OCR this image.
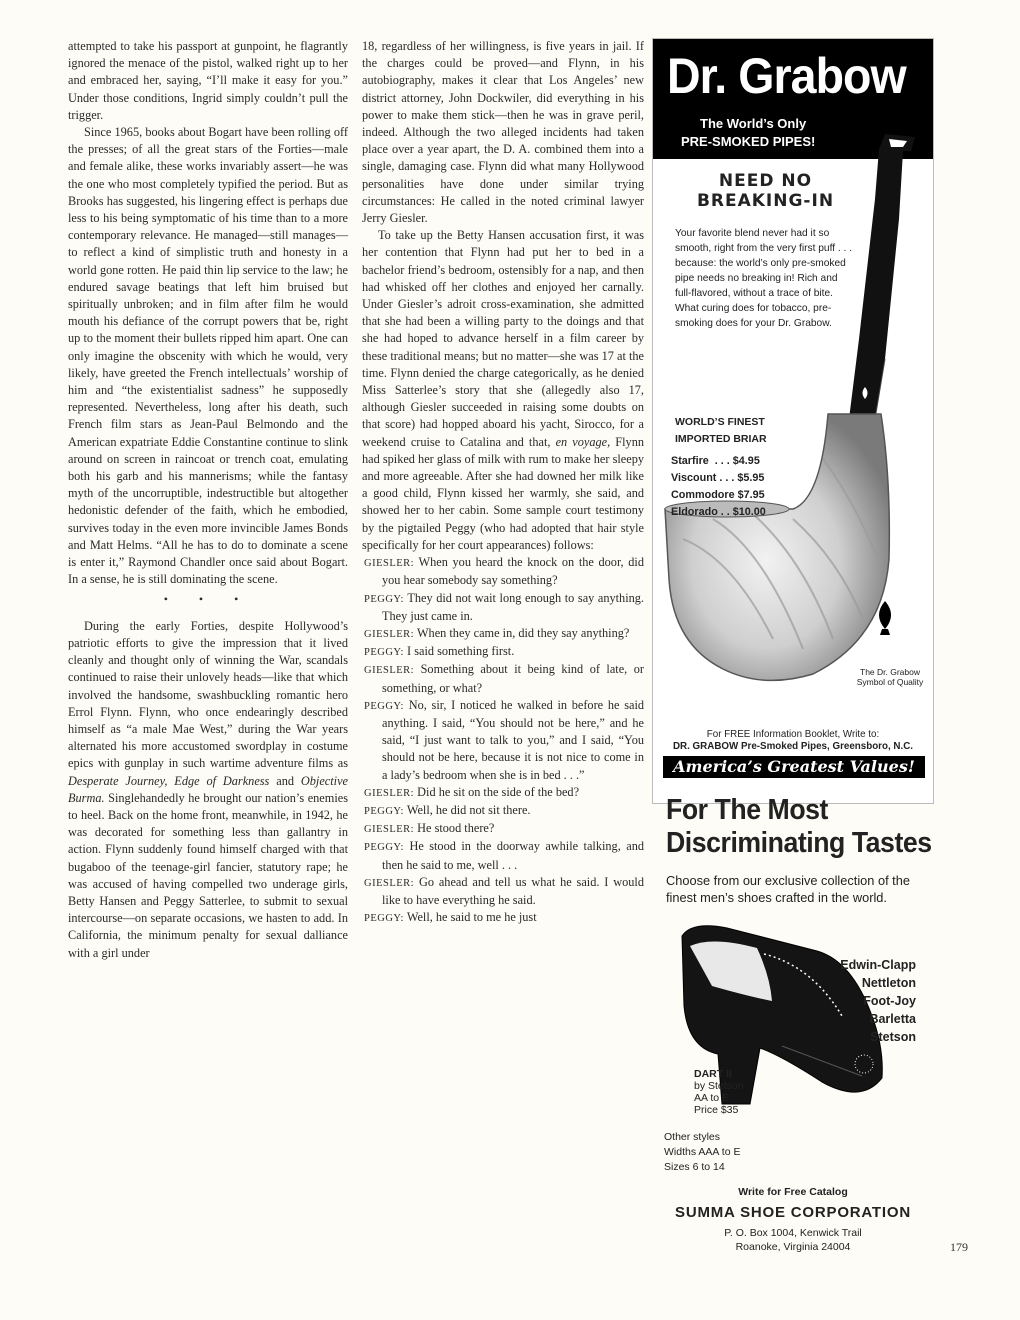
attempted to take his passport at gunpoint, he flagrantly ignored the menace of the pistol, walked right up to her and embraced her, saying, “I’ll make it easy for you.” Under those conditions, Ingrid simply couldn’t pull the trigger.

Since 1965, books about Bogart have been rolling off the presses; of all the great stars of the Forties—male and female alike, these works invariably assert—he was the one who most completely typified the period. But as Brooks has suggested, his lingering effect is perhaps due less to his being symptomatic of his time than to a more contemporary relevance. He managed—still manages—to reflect a kind of simplistic truth and honesty in a world gone rotten. He paid thin lip service to the law; he endured savage beatings that left him bruised but spiritually unbroken; and in film after film he would mouth his defiance of the corrupt powers that be, right up to the moment their bullets ripped him apart. One can only imagine the obscenity with which he would, very likely, have greeted the French intellectuals’ worship of him and “the existentialist sadness” he supposedly represented. Nevertheless, long after his death, such French film stars as Jean-Paul Belmondo and the American expatriate Eddie Constantine continue to slink around on screen in raincoat or trench coat, emulating both his garb and his mannerisms; while the fantasy myth of the uncorruptible, indestructible but altogether hedonistic defender of the faith, which he embodied, survives today in the even more invincible James Bonds and Matt Helms. “All he has to do to dominate a scene is enter it,” Raymond Chandler once said about Bogart. In a sense, he is still dominating the scene.

• • •

During the early Forties, despite Hollywood’s patriotic efforts to give the impression that it lived cleanly and thought only of winning the War, scandals continued to raise their unlovely heads—like that which involved the handsome, swashbuckling romantic hero Errol Flynn. Flynn, who once endearingly described himself as “a male Mae West,” during the War years alternated his more accustomed swordplay in costume epics with gunplay in such wartime adventure films as Desperate Journey, Edge of Darkness and Objective Burma. Singlehandedly he brought our nation’s enemies to heel. Back on the home front, meanwhile, in 1942, he was decorated for something less than gallantry in action. Flynn suddenly found himself charged with that bugaboo of the teenage-girl fancier, statutory rape; he was accused of having compelled two underage girls, Betty Hansen and Peggy Satterlee, to submit to sexual intercourse—on separate occasions, we hasten to add. In California, the minimum penalty for sexual dalliance with a girl under

18, regardless of her willingness, is five years in jail. If the charges could be proved—and Flynn, in his autobiography, makes it clear that Los Angeles’ new district attorney, John Dockwiler, did everything in his power to make them stick—then he was in grave peril, indeed. Although the two alleged incidents had taken place over a year apart, the D. A. combined them into a single, damaging case. Flynn did what many Hollywood personalities have done under similar trying circumstances: He called in the noted criminal lawyer Jerry Giesler.

To take up the Betty Hansen accusation first, it was her contention that Flynn had put her to bed in a bachelor friend’s bedroom, ostensibly for a nap, and then had whisked off her clothes and enjoyed her carnally. Under Giesler’s adroit cross-examination, she admitted that she had been a willing party to the doings and that she had hoped to advance herself in a film career by these traditional means; but no matter—she was 17 at the time. Flynn denied the charge categorically, as he denied Miss Satterlee’s story that she (allegedly also 17, although Giesler succeeded in raising some doubts on that score) had hopped aboard his yacht, Sirocco, for a weekend cruise to Catalina and that, en voyage, Flynn had spiked her glass of milk with rum to make her sleepy and more agreeable. After she had downed her milk like a good child, Flynn kissed her warmly, she said, and showed her to her cabin. Some sample court testimony by the pigtailed Peggy (who had adopted that hair style specifically for her court appearances) follows:

GIESLER: When you heard the knock on the door, did you hear somebody say something?
PEGGY: They did not wait long enough to say anything. They just came in.
GIESLER: When they came in, did they say anything?
PEGGY: I said something first.
GIESLER: Something about it being kind of late, or something, or what?
PEGGY: No, sir, I noticed he walked in before he said anything. I said, “You should not be here,” and he said, “I just want to talk to you,” and I said, “You should not be here, because it is not nice to come in a lady’s bedroom when she is in bed . . .”
GIESLER: Did he sit on the side of the bed?
PEGGY: Well, he did not sit there.
GIESLER: He stood there?
PEGGY: He stood in the doorway awhile talking, and then he said to me, well . . .
GIESLER: Go ahead and tell us what he said. I would like to have everything he said.
PEGGY: Well, he said to me he just
Dr. Grabow
The World’s Only
PRE-SMOKED PIPES!
NEED NO
BREAKING-IN
Your favorite blend never had it so smooth, right from the very first puff . . . because: the world’s only pre-smoked pipe needs no breaking in! Rich and full-flavored, without a trace of bite. What curing does for tobacco, pre-smoking does for your Dr. Grabow.
WORLD’S FINEST
IMPORTED BRIAR
Starfire  . . . $4.95
Viscount . . . $5.95
Commodore $7.95
Eldorado . . $10.00
The Dr. Grabow Symbol of Quality
For FREE Information Booklet, Write to:
DR. GRABOW Pre-Smoked Pipes, Greensboro, N.C.
America’s Greatest Values!
For The Most
Discriminating Tastes
Choose from our exclusive collection of the finest men’s shoes crafted in the world.
Edwin-Clapp
Nettleton
Foot-Joy
Barletta
Stetson
DART II
by Stetson
AA to E
Price $35
Other styles
Widths AAA to E
Sizes 6 to 14
Write for Free Catalog
SUMMA SHOE CORPORATION
P. O. Box 1004, Kenwick Trail
Roanoke, Virginia 24004	179
